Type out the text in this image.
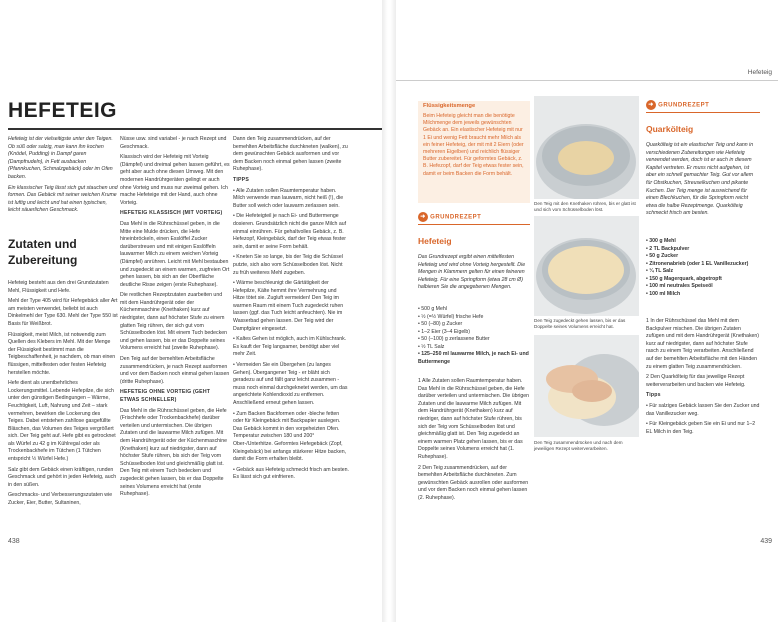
HEFETEIG

Hefeteig ist der vielseitigste unter den Teigen. Ob süß oder salzig, man kann ihn kochen (Knödel, Pudding) in Dampf garen (Dampfnudeln), in Fett ausbacken (Pfannkuchen, Schmalzgebäck) oder im Ofen backen.

Ein klassischer Teig lässt sich gut stauchen und formen. Das Gebäck mit seiner weichen Krume ist luftig und leicht und hat einen typischen, leicht säuerlichen Geschmack.

Zutaten und Zubereitung

Hefeteig besteht aus den drei Grundzutaten Mehl, Flüssigkeit und Hefe.

Mehl der Type 405 wird für Hefegebäck aller Art am meisten verwendet, beliebt ist auch Dinkelmehl der Type 630. Mehl der Type 550 ist Basis für Weißbrot.

Flüssigkeit, meist Milch, ist notwendig zum Quellen des Klebers im Mehl. Mit der Menge der Flüssigkeit bestimmt man die Teigbeschaffenheit, je nachdem, ob man einen flüssigen, mittelfesten oder festen Hefeteig herstellen möchte.

Hefe dient als unentbehrliches Lockerungsmittel. Lebende Hefepilze, die sich unter den günstigen Bedingungen – Wärme, Feuchtigkeit, Luft, Nahrung und Zeit – stark vermehren, bewirken die Lockerung des Teiges. Dabei entstehen zahllose gasgefüllte Bläschen, das Volumen des Teiges vergrößert sich. Der Teig geht auf. Hefe gibt es getrocknet als Würfel zu 42 g im Kühlregal oder als Trockenbackhefe im Tütchen (1 Tütchen entspricht ½ Würfel Hefe.)

Salz gibt dem Gebäck einen kräftigen, runden Geschmack und gehört in jeden Hefeteig, auch in den süßen.

Geschmacks- und Verbesserungszutaten wie Zucker, Eier, Butter, Sultaninen,

Nüsse usw. sind variabel - je nach Rezept und Geschmack.

Klassisch wird der Hefeteig mit Vorteig (Dämpfel) und dreimal gehen lassen geführt, es geht aber auch ohne diesen Umweg. Mit den modernen Handrührgeräten gelingt er auch ohne Vorteig und muss nur zweimal gehen. Ich mache Hefeteige mit der Hand, auch ohne Vorteig.

HEFETEIG KLASSISCH (MIT VORTEIG)

Das Mehl in die Rührschüssel geben, in die Mitte eine Mulde drücken, die Hefe hineinbröckeln, einen Esslöffel Zucker darüberstreuen und mit einigen Esslöffeln lauwarmer Milch zu einem weichen Vorteig (Dämpfel) anrühren. Leicht mit Mehl bestauben und zugedeckt an einem warmen, zugfreien Ort gehen lassen, bis sich an der Oberfläche deutliche Risse zeigen (erste Ruhephase).

Die restlichen Rezeptzutaten zuarbeiten und mit dem Handrührgerät oder der Küchenmaschine (Knethaken) kurz auf niedrigster, dann auf höchster Stufe zu einem glatten Teig rühren, der sich gut vom Schüsselboden löst. Mit einem Tuch bedecken und gehen lassen, bis er das Doppelte seines Volumens erreicht hat (zweite Ruhephase).

Den Teig auf der bemehlten Arbeitsfläche zusammendrücken, je nach Rezept ausformen und vor dem Backen noch einmal gehen lassen (dritte Ruhephase).

HEFETEIG OHNE VORTEIG (GEHT ETWAS SCHNELLER)

Das Mehl in die Rührschüssel geben, die Hefe (Frischhefe oder Trockenbackhefe) darüber verteilen und untermischen. Die übrigen Zutaten und die lauwarme Milch zufügen. Mit dem Handrührgerät oder der Küchenmaschine (Knethaken) kurz auf niedrigster, dann auf höchster Stufe rühren, bis sich der Teig vom Schüsselboden löst und gleichmäßig glatt ist. Den Teig mit einem Tuch bedecken und zugedeckt gehen lassen, bis er das Doppelte seines Volumens erreicht hat (erste Ruhephase).

Dann den Teig zusammendrücken, auf der bemehlten Arbeitsfläche durchkneten (walken), zu dem gewünschten Gebäck ausformen und vor dem Backen noch einmal gehen lassen (zweite Ruhephase).

TIPPS

• Alle Zutaten sollen Raumtemperatur haben. Milch verwende man lauwarm, nicht heiß (!), die Butter soll weich oder lauwarm zerlassen sein.

• Die Hefeteigteil je nach Ei- und Buttermenge dosieren. Grundsätzlich nicht die ganze Milch auf einmal einrühren. Für gehaltvolles Gebäck, z. B. Hefezopf, Kleingebäck, darf der Teig etwas fester sein, damit er seine Form behält.

• Kneten Sie so lange, bis der Teig die Schüssel putzte, sich also vom Schüsselboden löst. Nicht zu früh weiteres Mehl zugeben.

• Wärme beschleunigt die Gärtätigkeit der Hefepilze, Kälte hemmt ihre Vermehrung und Hitze tötet sie. Zugluft vermeiden! Den Teig im warmen Raum mit einem Tuch zugedeckt ruhen lassen (ggf. das Tuch leicht anfeuchten). Nie im Wasserbad gehen lassen. Der Teig wird der Dampfgärer eingesetzt.

• Kaltes Gehen ist möglich, auch im Kühlschrank. Es kauft der Teig langsamer, benötigt aber viel mehr Zeit.

• Vermeiden Sie ein Übergehen (zu langes Gehen). Übergangener Teig - er bläht sich geradezu auf und fällt ganz leicht zusammen - muss noch einmal durchgeknetet werden, um das angerichtete Kohlendioxid zu entfernen. Anschließend erneut gehen lassen.

• Zum Backen Backformen oder -bleche fetten oder für Kleingebäck mit Backpapier auslegen. Das Gebäck kommt in den vorgeheizten Ofen. Temperatur zwischen 180 und 200° Ober-/Unterhitze. Geformtes Hefegebäck (Zopf, Kleingebäck) bei anfangs stärkerer Hitze backen, damit die Form erhalten bleibt.

• Gebäck aus Hefeteig schmeckt frisch am besten. Es lässt sich gut einfrieren.

438
Hefeteig
Flüssigkeitsmenge
Beim Hefeteig gleicht man die benötigte Milchmenge dem jeweils gewünschten Gebäck an. Ein elastischer Hefeteig mit nur 1 Ei und wenig Fett braucht mehr Milch als ein feiner Hefeteig, der mit mit 2 Eiern (oder mehreren Eigelben) und reichlich flüssiger Butter zubereitet. Für geformtes Gebäck, z. B. Hefezopf, darf der Teig etwas fester sein, damit er beim Backen die Form behält.
➜ GRUNDREZEPT
Hefeteig
Das Grundrezept ergibt einen mittelfesten Hefeteig und wird ohne Vorteig hergestellt. Die Mengen in Klammern gelten für einen feineren Hefeteig. Für eine Springform (etwa 28 cm Ø) halbieren Sie die angegebenen Mengen.
• 500 g Mehl
• ½ (=½ Würfel) frische Hefe
• 50 (–80) g Zucker
• 1–2 Eier (3–4 Eigelb)
• 50 (–100) g zerlassene Butter
• ½ TL Salz
• 125–250 ml lauwarme Milch, je nach Ei- und Buttermenge

1 Alle Zutaten sollen Raumtemperatur haben. Das Mehl in die Rührschüssel geben, die Hefe darüber verteilen und untermischen. Die übrigen Zutaten und die lauwarme Milch zufügen. Mit dem Handrührgerät (Knethaken) kurz auf niedriger, dann auf höchster Stufe rühren, bis sich der Teig vom Schüsselboden löst und gleichmäßig glatt ist. Den Teig zugedeckt an einem warmen Platz gehen lassen, bis er das Doppelte seines Volumens erreicht hat (1. Ruhephase).

2 Den Teig zusammendrücken, auf der bemehlten Arbeitsfläche durchkneten. Zum gewünschten Gebäck ausrollen oder ausformen und vor dem Backen noch einmal gehen lassen (2. Ruhephase).

Den Teig mit den Knethaken rühren, bis er glatt ist und sich vom Schüsselboden löst.
Den Teig zugedeckt gehen lassen, bis er das Doppelte seines Volumens erreicht hat.
Den Teig zusammendrücken und nach dem jeweiligen Rezept weiterverarbeiten.
➜ GRUNDREZEPT
Quarkölteig
Quarkölteig ist ein elastischer Teig und kann in verschiedenen Zubereitungen wie Hefeteig verwendet werden, doch ist er auch in diesem Kapitel vertreten. Er muss nicht aufgehen, ist aber ein schnell gemachter Teig. Gut vor allem für Obstkuchen, Streuselkuchen und pikante Kuchen. Der Teig menge ist ausreichend für einen Blechkuchen, für die Springform reicht etwa die halbe Rezeptmenge. Quarkölteig schmeckt frisch am besten.
• 300 g Mehl
• 2 TL Backpulver
• 50 g Zucker
• Zitronenabrieb (oder 1 EL Vanillezucker)
• ¼ TL Salz
• 150 g Magerquark, abgetropft
• 100 ml neutrales Speiseöl
• 100 ml Milch

1 In der Rührschüssel das Mehl mit dem Backpulver mischen. Die übrigen Zutaten zufügen und mit dem Handrührgerät (Knethaken) kurz auf niedrigster, dann auf höchster Stufe rasch zu einem Teig verarbeiten. Anschließend auf der bemehlten Arbeitsfläche mit den Händen zu einem glatten Teig zusammendrücken.

2 Den Quarkölteig für das jeweilige Rezept weiterverarbeiten und backen wie Hefeteig.

Tipps

• Für salziges Gebäck lassen Sie den Zucker und das Vanillezucker weg.

• Für Kleingebäck geben Sie ein Ei und nur 1–2 EL Milch in den Teig.

439
